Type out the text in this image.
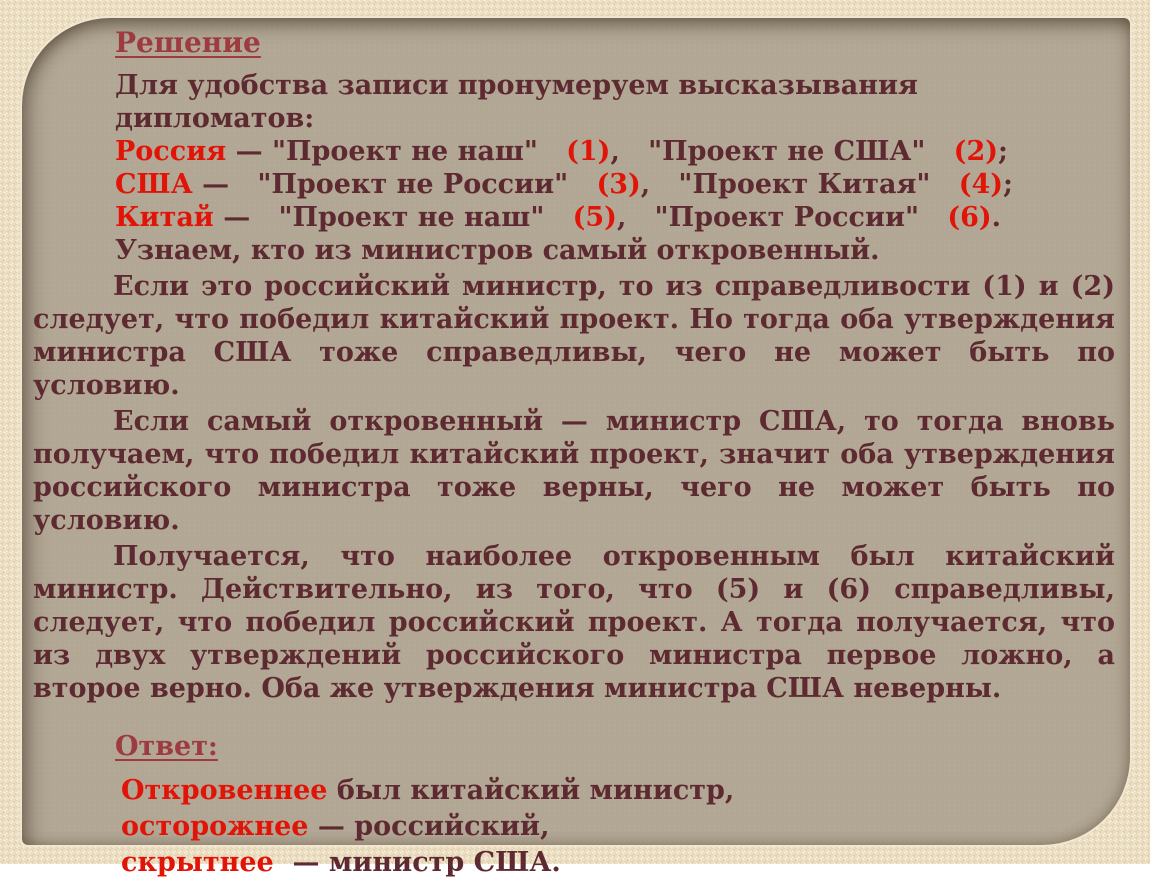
Решение

Для удобства записи пронумеруем высказывания дипломатов:

Россия — "Проект не наш"   (1),   "Проект не США"   (2);

США —   "Проект не России"   (3),   "Проект Китая"   (4);

Китай —   "Проект не наш"   (5),   "Проект России"   (6).

Узнаем, кто из министров самый откровенный.

Если это российский министр, то из справедливости (1) и (2) следует, что победил китайский проект. Но тогда оба утверждения министра США тоже справедливы, чего не может быть по условию.

Если самый откровенный — министр США, то тогда вновь получаем, что победил китайский проект, значит оба утверждения российского министра тоже верны, чего не может быть по условию.

Получается, что наиболее откровенным был китайский министр. Действительно, из того, что (5) и (6) справедливы, следует, что победил российский проект. А тогда получается, что из двух утверждений российского министра первое ложно, а второе верно. Оба же утверждения министра США неверны.

Ответ:

Откровеннее был китайский министр,

осторожнее — российский,

скрытнее  — министр США.
